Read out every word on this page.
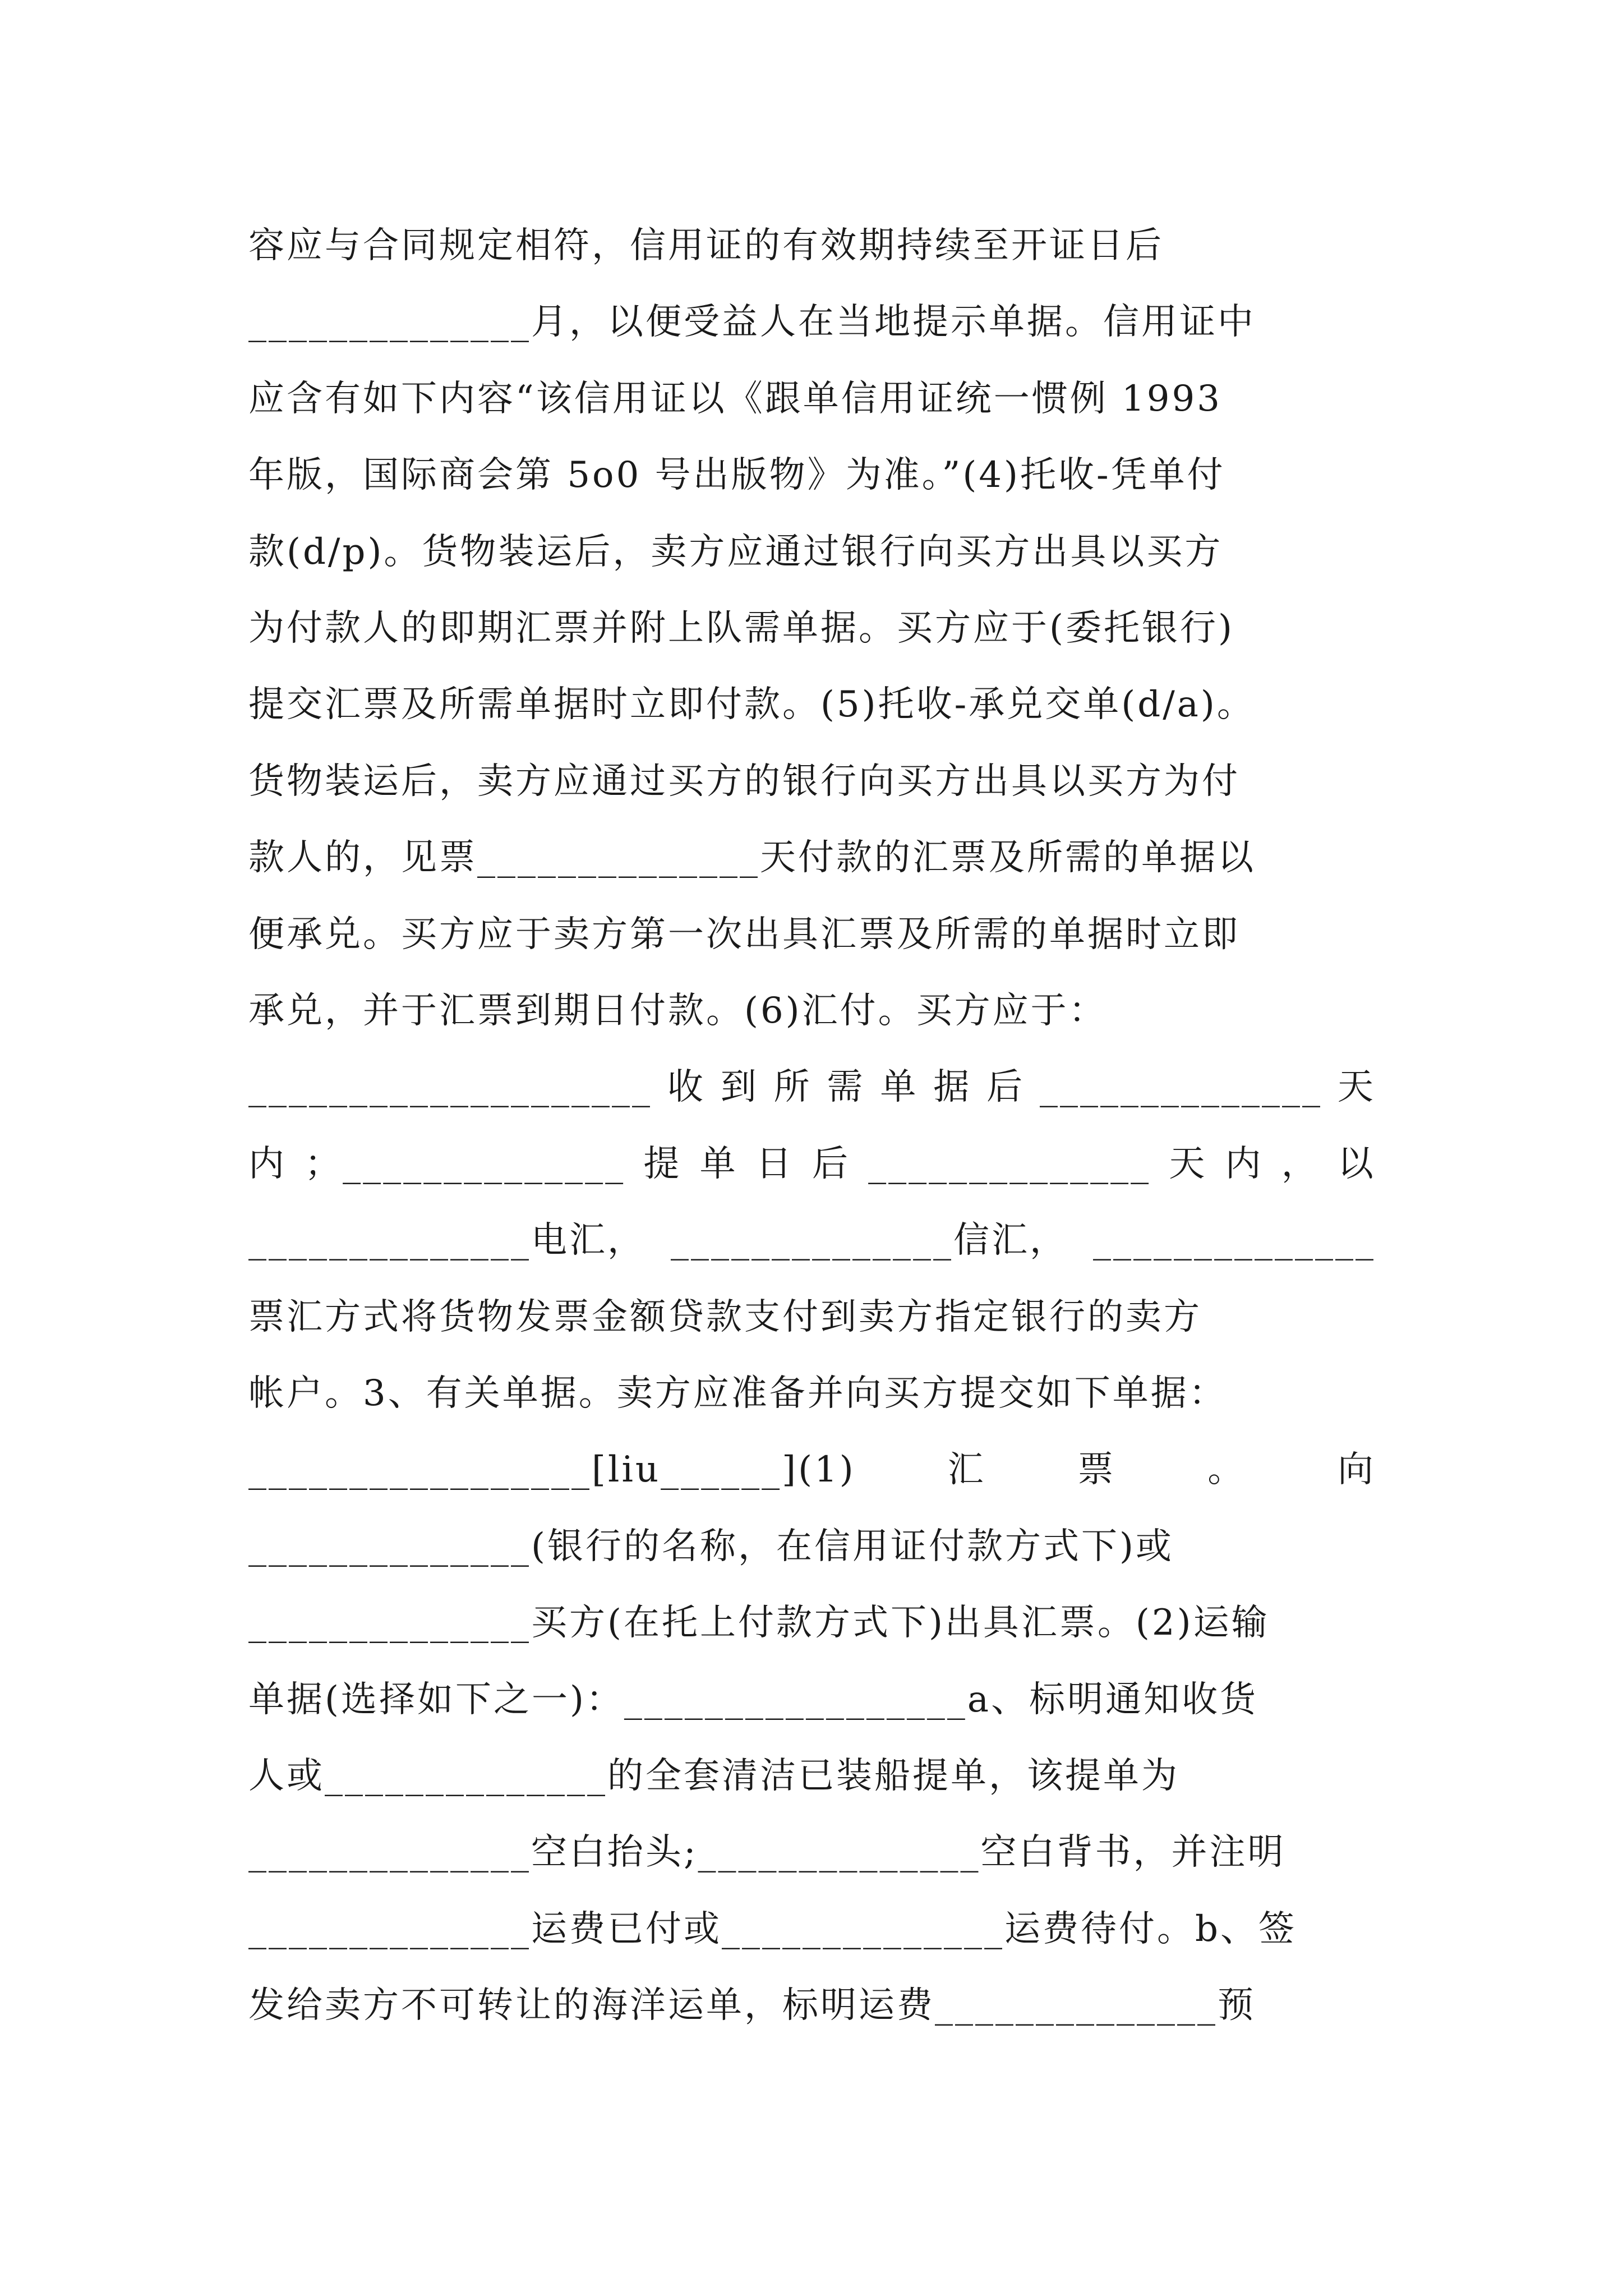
容应与合同规定相符，信用证的有效期持续至开证日后
______________月，以便受益人在当地提示单据。信用证中
应含有如下内容“该信用证以《跟单信用证统一惯例 1993
年版，国际商会第 5o0 号出版物》为准。”(4)托收-凭单付
款(d/p)。货物装运后，卖方应通过银行向买方出具以买方
为付款人的即期汇票并附上队需单据。买方应于(委托银行)
提交汇票及所需单据时立即付款。(5)托收-承兑交单(d/a)。
货物装运后，卖方应通过买方的银行向买方出具以买方为付
款人的，见票______________天付款的汇票及所需的单据以
便承兑。买方应于卖方第一次出具汇票及所需的单据时立即
承兑，并于汇票到期日付款。(6)汇付。买方应于：
____________________ 收 到 所 需 单 据 后 ______________ 天
内 ；______________ 提 单 日 后 ______________ 天 内 ， 以
______________电汇， ______________信汇， ______________
票汇方式将货物发票金额贷款支付到卖方指定银行的卖方
帐户。3、有关单据。卖方应准备并向买方提交如下单据：
_________________[liu______](1)	汇	票	。	向
______________(银行的名称，在信用证付款方式下)或
______________买方(在托上付款方式下)出具汇票。(2)运输
单据(选择如下之一)：_________________a、标明通知收货
人或______________的全套清洁已装船提单，该提单为
______________空白抬头;______________空白背书，并注明
______________运费已付或______________运费待付。b、签
发给卖方不可转让的海洋运单，标明运费______________预
